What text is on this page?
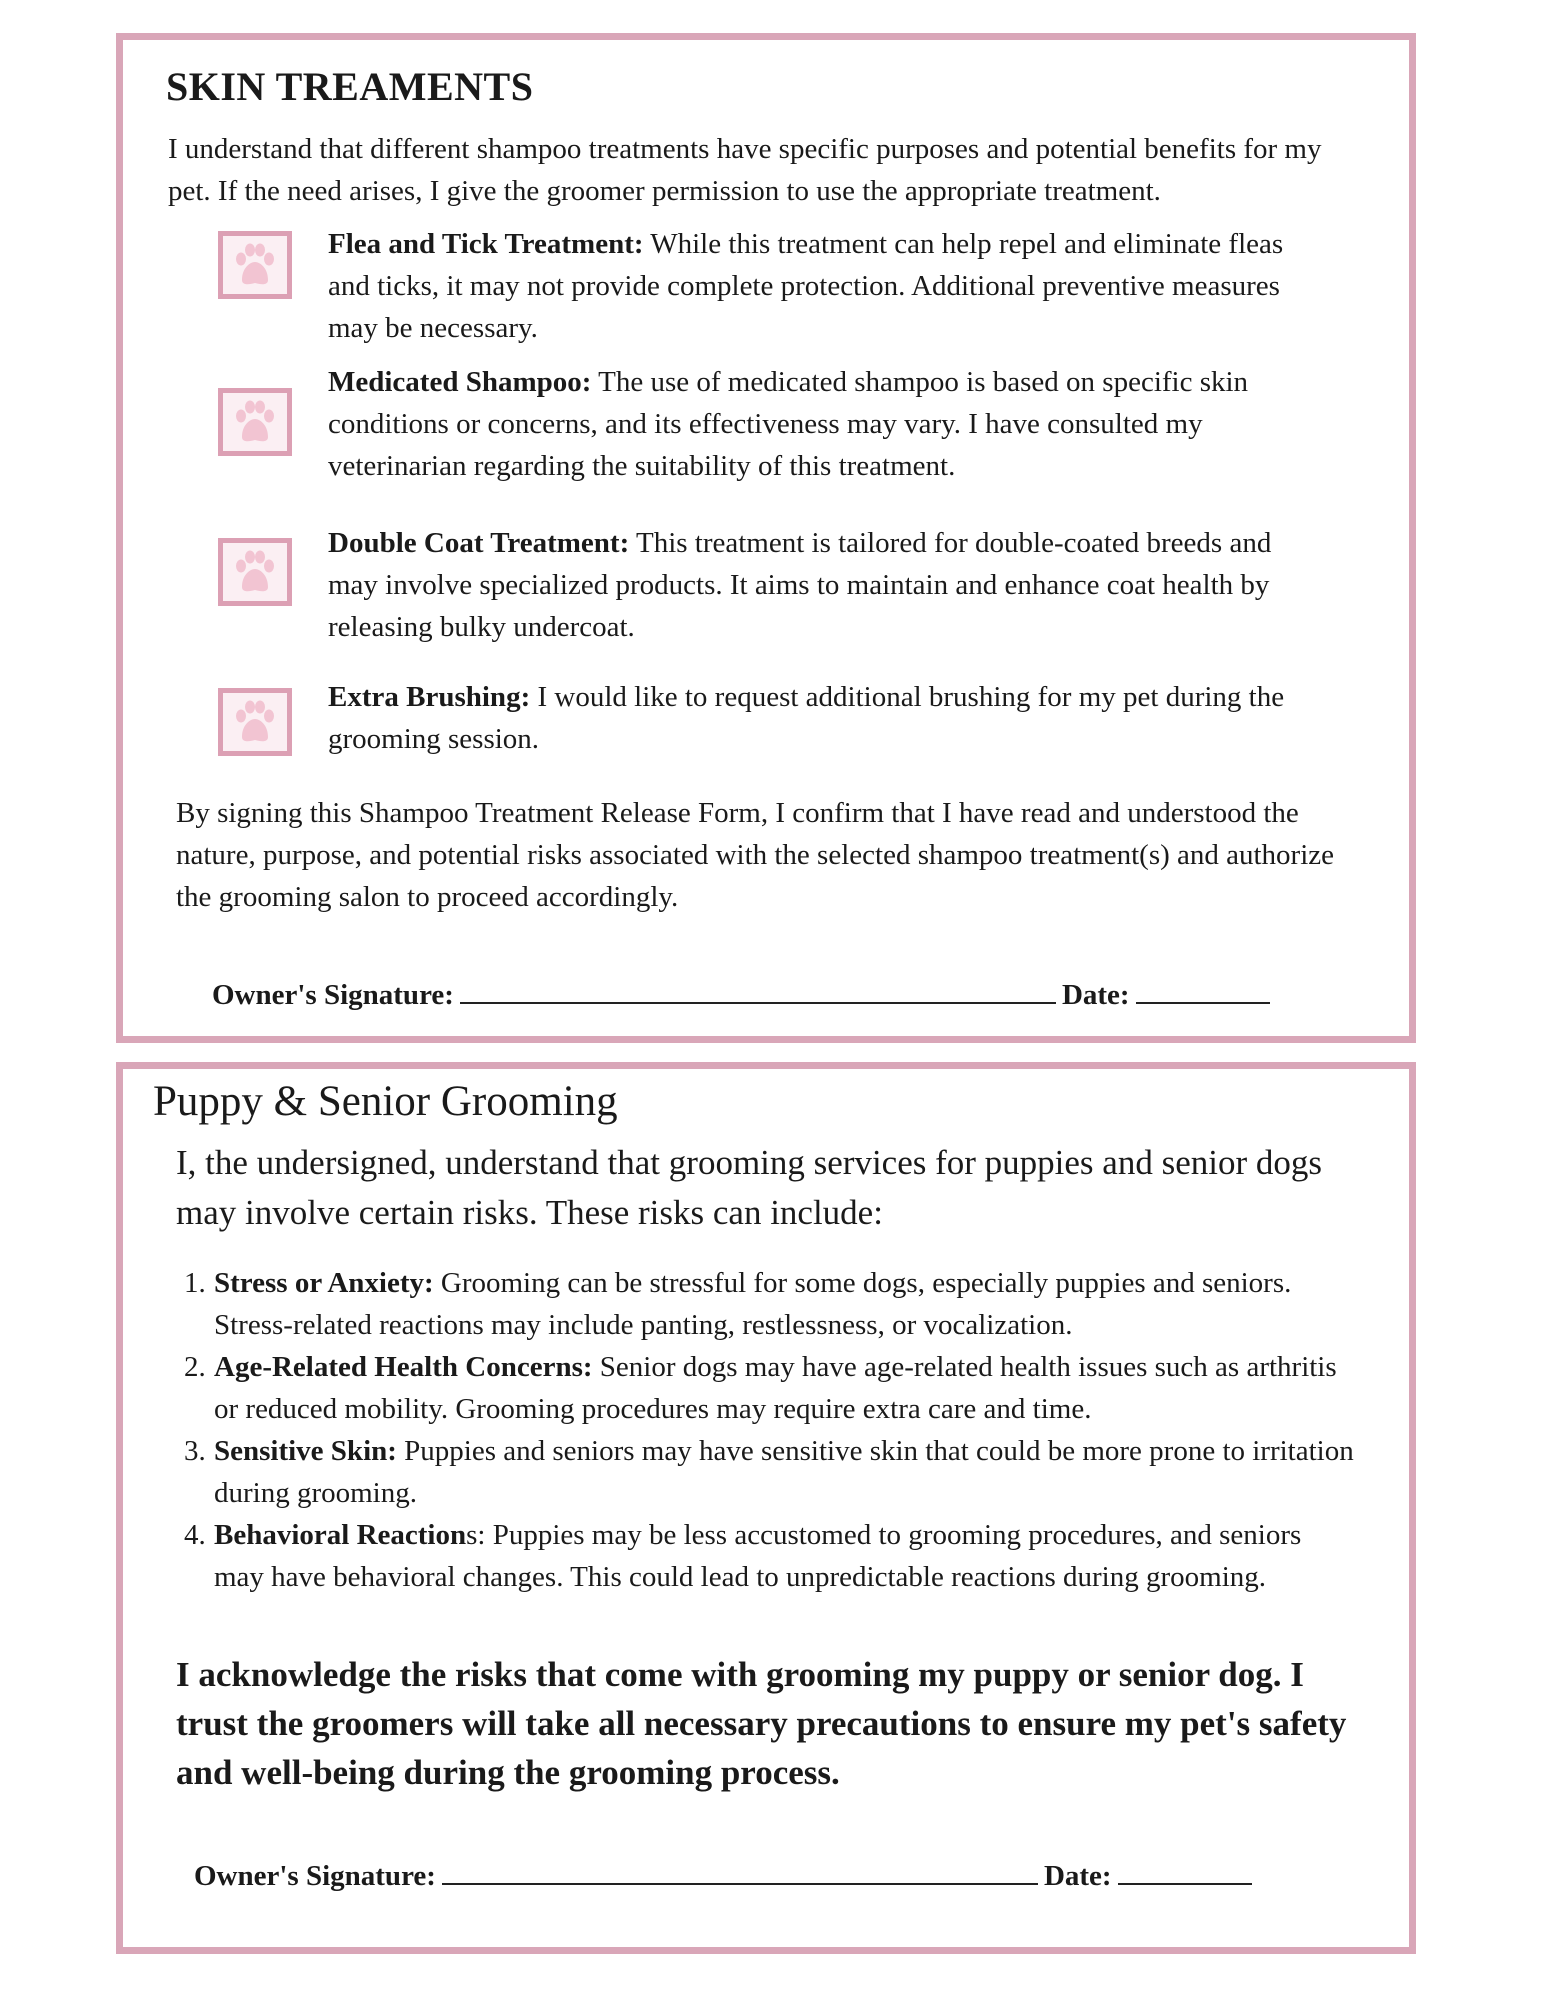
SKIN TREAMENTS

I understand that different shampoo treatments have specific purposes and potential benefits for my pet. If the need arises, I give the groomer permission to use the appropriate treatment.

Flea and Tick Treatment: While this treatment can help repel and eliminate fleas and ticks, it may not provide complete protection. Additional preventive measures may be necessary.

Medicated Shampoo: The use of medicated shampoo is based on specific skin conditions or concerns, and its effectiveness may vary. I have consulted my veterinarian regarding the suitability of this treatment.

Double Coat Treatment: This treatment is tailored for double-coated breeds and may involve specialized products. It aims to maintain and enhance coat health by releasing bulky undercoat.

Extra Brushing: I would like to request additional brushing for my pet during the grooming session.

By signing this Shampoo Treatment Release Form, I confirm that I have read and understood the nature, purpose, and potential risks associated with the selected shampoo treatment(s) and authorize the grooming salon to proceed accordingly.

Owner's Signature:	Date:

Puppy & Senior Grooming

I, the undersigned, understand that grooming services for puppies and senior dogs may involve certain risks. These risks can include:

1. Stress or Anxiety: Grooming can be stressful for some dogs, especially puppies and seniors. Stress-related reactions may include panting, restlessness, or vocalization.
2. Age-Related Health Concerns: Senior dogs may have age-related health issues such as arthritis or reduced mobility. Grooming procedures may require extra care and time.
3. Sensitive Skin: Puppies and seniors may have sensitive skin that could be more prone to irritation during grooming.
4. Behavioral Reactions: Puppies may be less accustomed to grooming procedures, and seniors may have behavioral changes. This could lead to unpredictable reactions during grooming.

I acknowledge the risks that come with grooming my puppy or senior dog. I trust the groomers will take all necessary precautions to ensure my pet's safety and well-being during the grooming process.

Owner's Signature:	Date:
